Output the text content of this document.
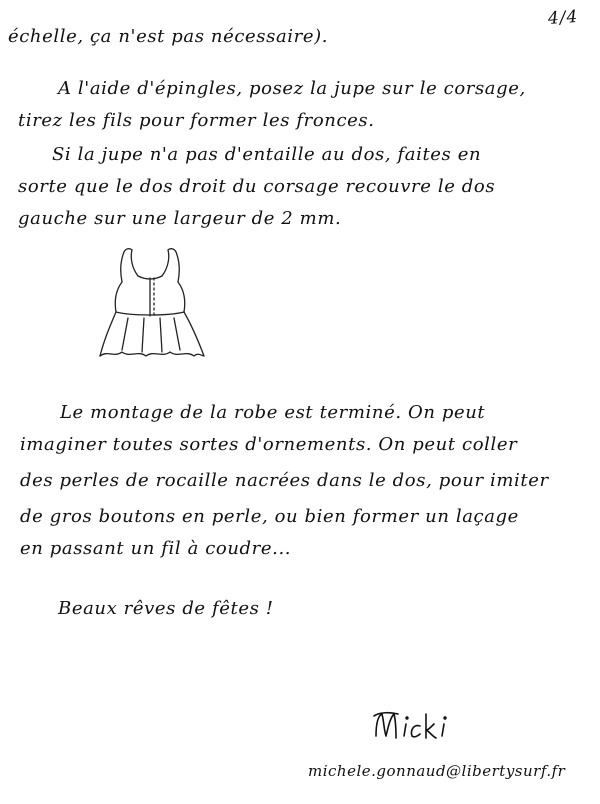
4/4
échelle, ça n'est pas nécessaire).
A l'aide d'épingles, posez la jupe sur le corsage,
tirez les fils pour former les fronces.
Si la jupe n'a pas d'entaille au dos, faites en
sorte que le dos droit du corsage recouvre le dos
gauche sur une largeur de 2 mm.
Le montage de la robe est terminé. On peut
imaginer toutes sortes d'ornements. On peut coller
des perles de rocaille nacrées dans le dos, pour imiter
de gros boutons en perle, ou bien former un laçage
en passant un fil à coudre...
Beaux rêves de fêtes !
michele.gonnaud@libertysurf.fr
